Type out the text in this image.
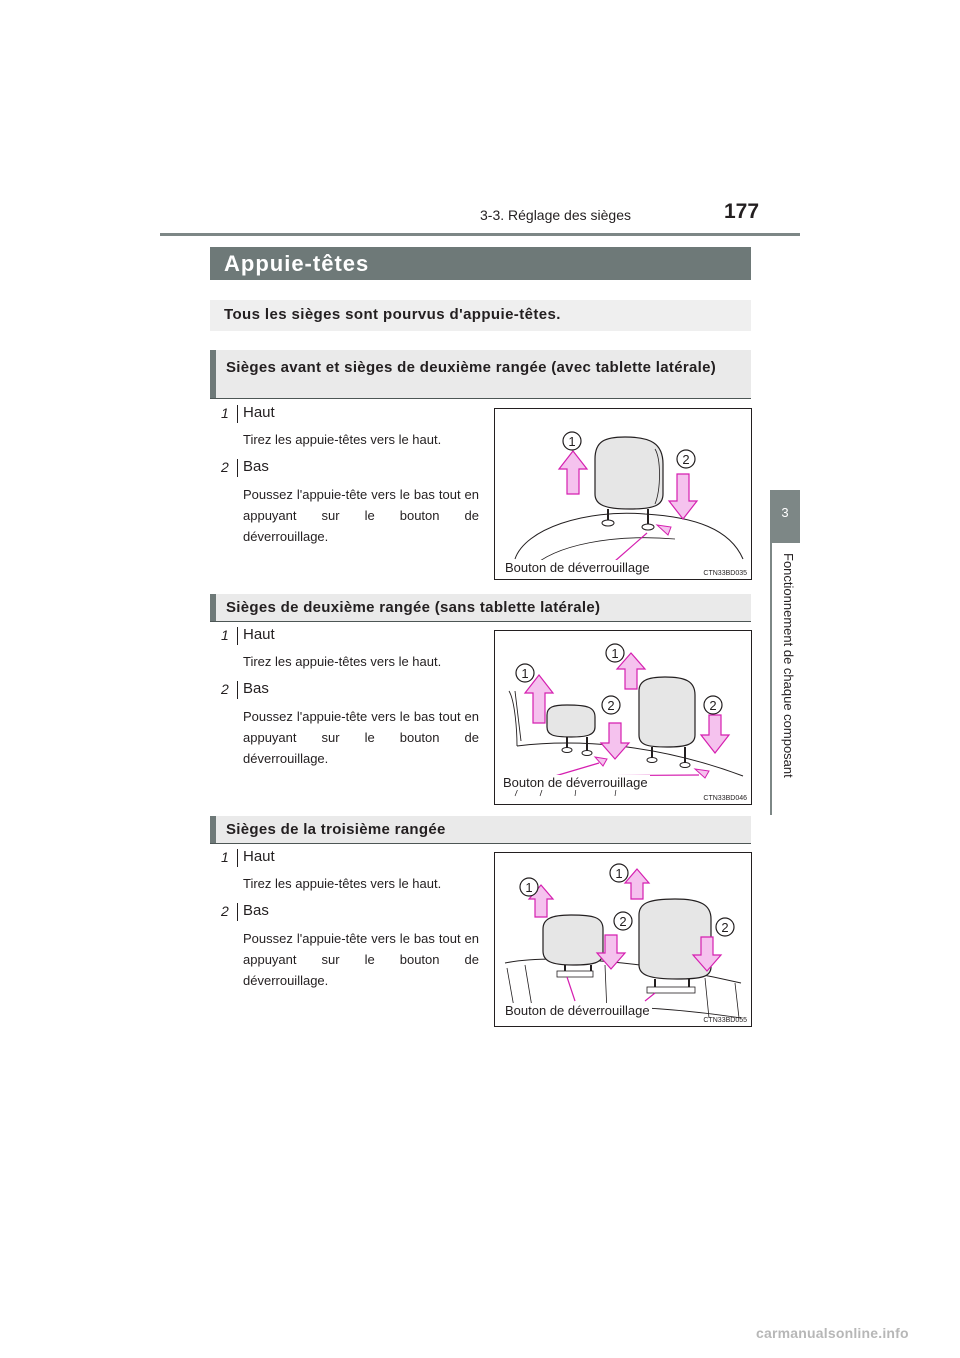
3-3. Réglage des sièges	177
3
Fonctionnement de chaque composant
Appuie-têtes
Tous les sièges sont pourvus d'appuie-têtes.
Sièges avant et sièges de deuxième rangée (avec tablette latérale)
1 Haut
Tirez les appuie-têtes vers le haut.
2 Bas
Poussez l'appuie-tête vers le bas tout en appuyant sur le bouton de déverrouillage.
1
2
Bouton de déverrouillage	CTN33BD035
Sièges de deuxième rangée (sans tablette latérale)
1 Haut
Tirez les appuie-têtes vers le haut.
2 Bas
Poussez l'appuie-tête vers le bas tout en appuyant sur le bouton de déverrouillage.
1
1
2	2
Bouton de déverrouillage
CTN33BD046
Sièges de la troisième rangée
1 Haut
Tirez les appuie-têtes vers le haut.
2 Bas
Poussez l'appuie-tête vers le bas tout en appuyant sur le bouton de déverrouillage.
1
1
2	2
Bouton de déverrouillage
CTN33BD055
carmanualsonline.info
